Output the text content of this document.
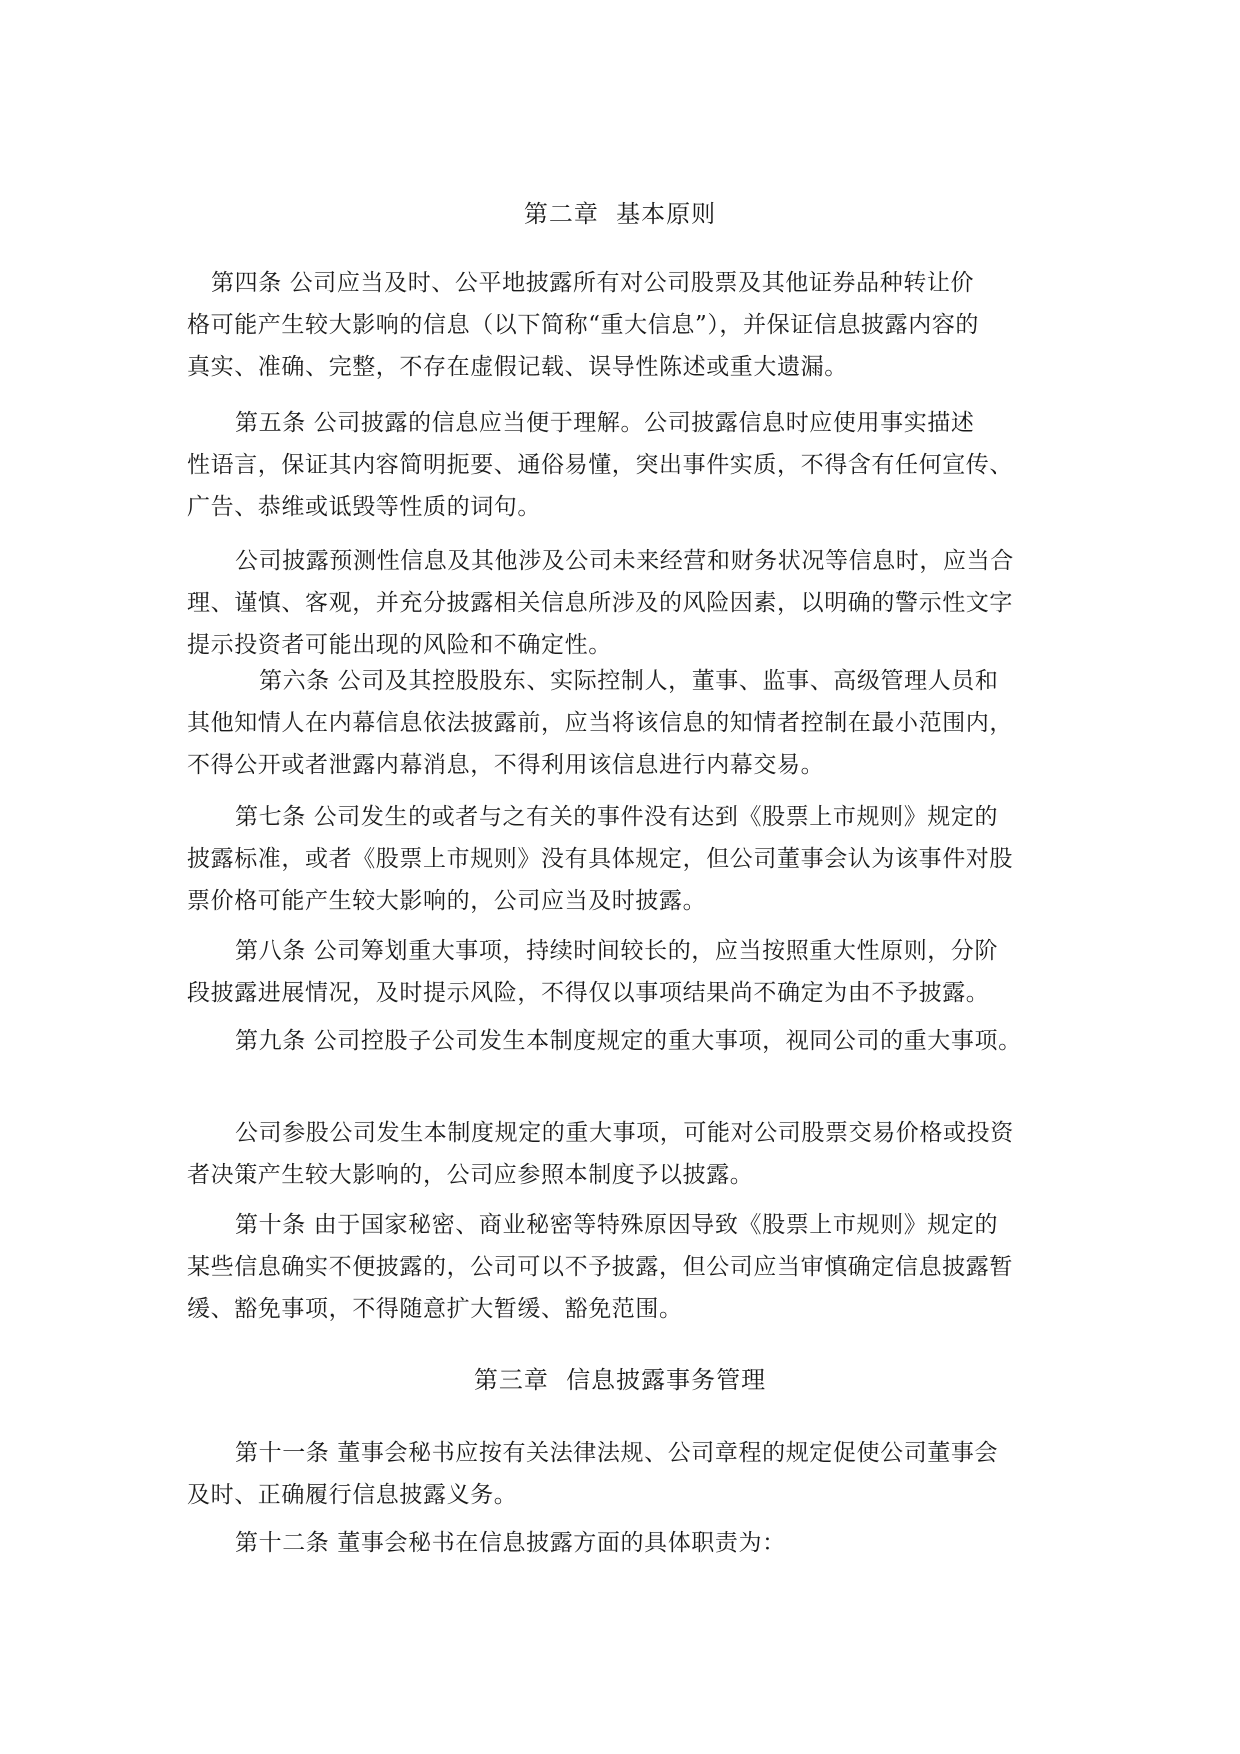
第二章  基本原则
第四条 公司应当及时、公平地披露所有对公司股票及其他证券品种转让价
格可能产生较大影响的信息（以下简称“重大信息”），并保证信息披露内容的
真实、准确、完整，不存在虚假记载、误导性陈述或重大遗漏。
第五条 公司披露的信息应当便于理解。公司披露信息时应使用事实描述
性语言，保证其内容简明扼要、通俗易懂，突出事件实质，不得含有任何宣传、
广告、恭维或诋毁等性质的词句。
公司披露预测性信息及其他涉及公司未来经营和财务状况等信息时，应当合
理、谨慎、客观，并充分披露相关信息所涉及的风险因素，以明确的警示性文字
提示投资者可能出现的风险和不确定性。
第六条 公司及其控股股东、实际控制人，董事、监事、高级管理人员和
其他知情人在内幕信息依法披露前，应当将该信息的知情者控制在最小范围内，
不得公开或者泄露内幕消息，不得利用该信息进行内幕交易。
第七条 公司发生的或者与之有关的事件没有达到《股票上市规则》规定的
披露标准，或者《股票上市规则》没有具体规定，但公司董事会认为该事件对股
票价格可能产生较大影响的，公司应当及时披露。
第八条 公司筹划重大事项，持续时间较长的，应当按照重大性原则，分阶
段披露进展情况，及时提示风险，不得仅以事项结果尚不确定为由不予披露。
第九条 公司控股子公司发生本制度规定的重大事项，视同公司的重大事项。
公司参股公司发生本制度规定的重大事项，可能对公司股票交易价格或投资
者决策产生较大影响的，公司应参照本制度予以披露。
第十条 由于国家秘密、商业秘密等特殊原因导致《股票上市规则》规定的
某些信息确实不便披露的，公司可以不予披露，但公司应当审慎确定信息披露暂
缓、豁免事项，不得随意扩大暂缓、豁免范围。
第三章  信息披露事务管理
第十一条 董事会秘书应按有关法律法规、公司章程的规定促使公司董事会
及时、正确履行信息披露义务。
第十二条 董事会秘书在信息披露方面的具体职责为：
